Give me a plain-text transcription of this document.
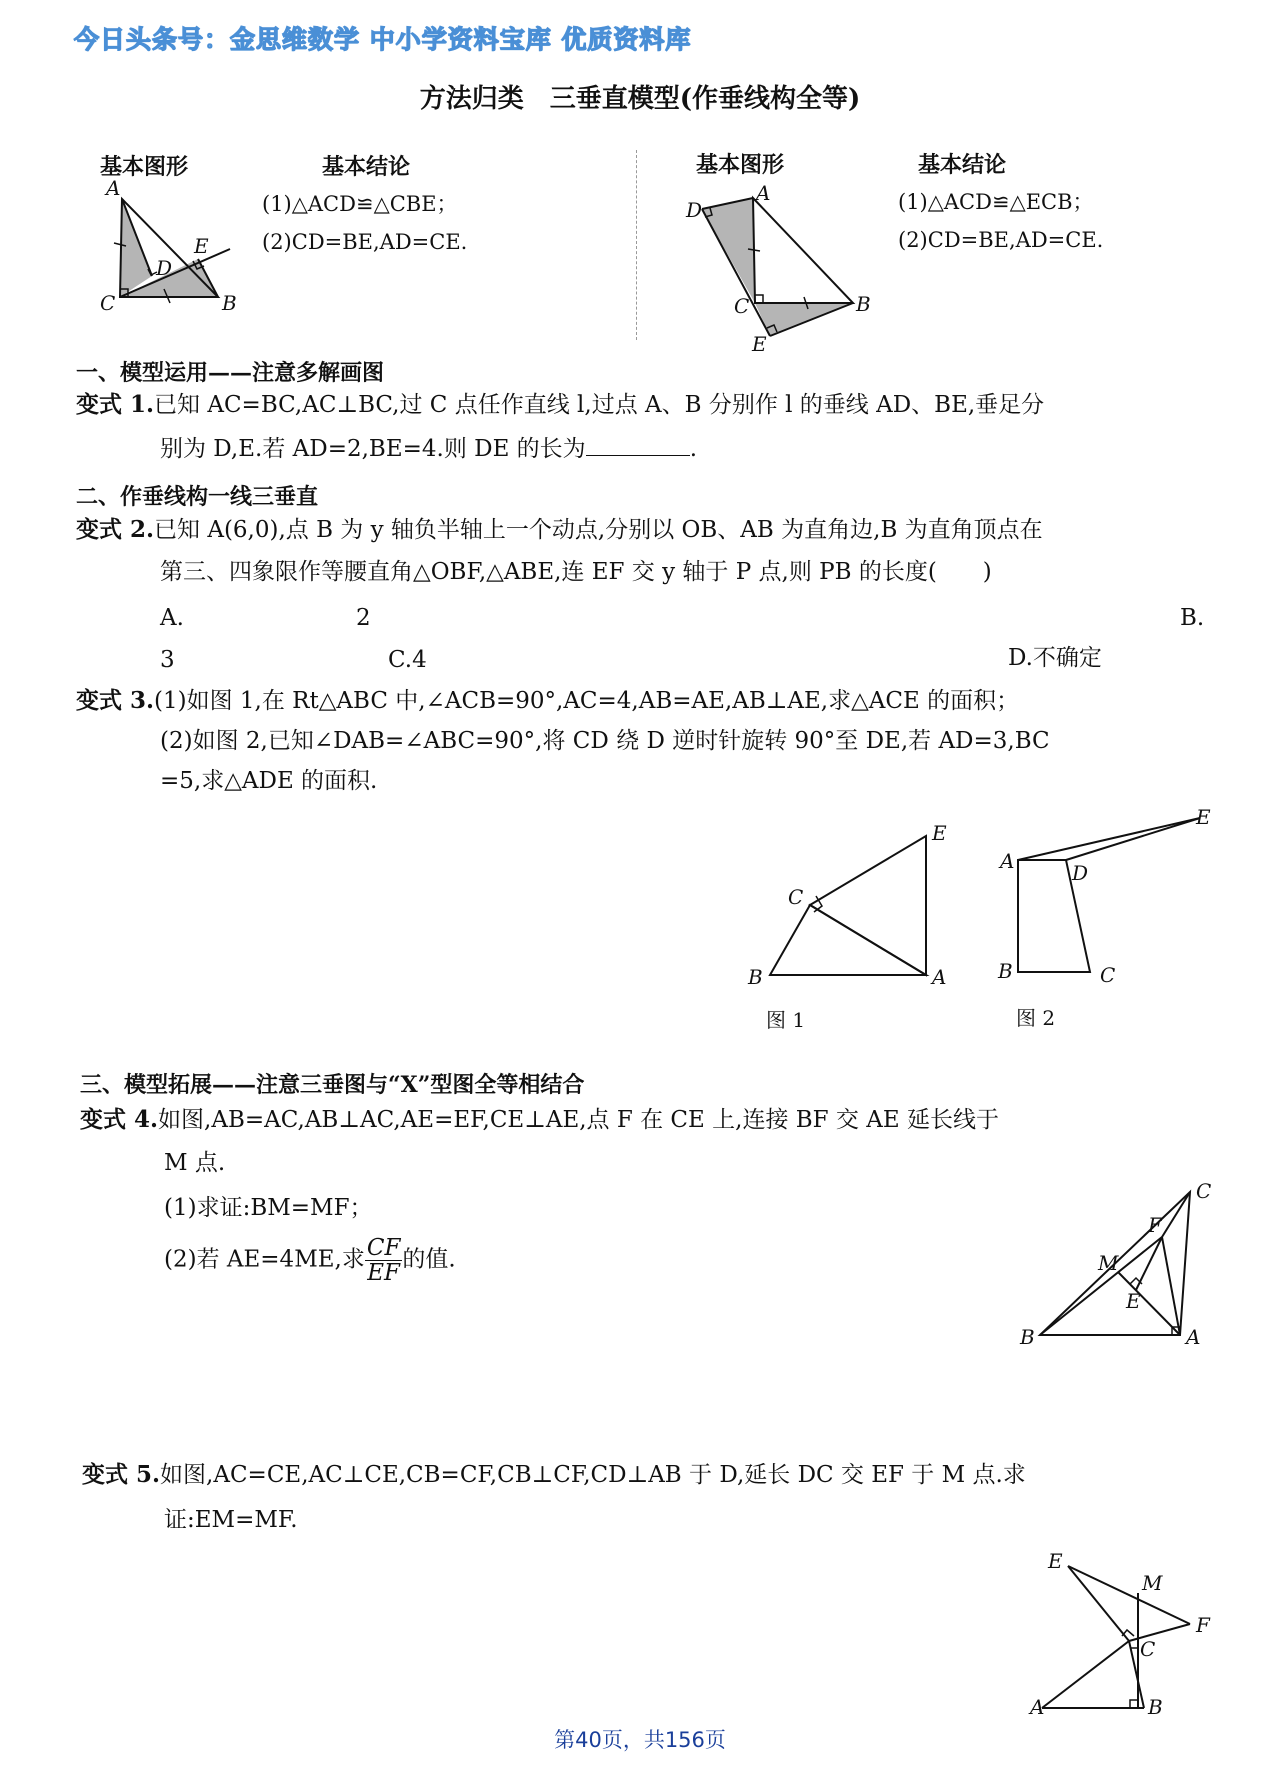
今日头条号：金思维数学 中小学资料宝库 优质资料库
方法归类　三垂直模型(作垂线构全等)
基本图形	基本结论
(1)△ACD≌△CBE；
(2)CD=BE,AD=CE.
A
C	B
D
E
基本图形	基本结论
(1)△ACD≌△ECB；
(2)CD=BE,AD=CE.
A
D
C	B
E
一、模型运用——注意多解画图
变式 1.已知 AC=BC,AC⊥BC,过 C 点任作直线 l,过点 A、B 分别作 l 的垂线 AD、BE,垂足分
别为 D,E.若 AD=2,BE=4.则 DE 的长为	.
二、作垂线构一线三垂直
变式 2.已知 A(6,0),点 B 为 y 轴负半轴上一个动点,分别以 OB、AB 为直角边,B 为直角顶点在
第三、四象限作等腰直角△OBF,△ABE,连 EF 交 y 轴于 P 点,则 PB 的长度(　　)
A.	2	B.
3	C.4	D.不确定
变式 3.(1)如图 1,在 Rt△ABC 中,∠ACB=90°,AC=4,AB=AE,AB⊥AE,求△ACE 的面积；
(2)如图 2,已知∠DAB=∠ABC=90°,将 CD 绕 D 逆时针旋转 90°至 DE,若 AD=3,BC
=5,求△ADE 的面积.
B
C
A
E
图 1
A	D
E
B	C
图 2
三、模型拓展——注意三垂图与“X”型图全等相结合
变式 4.如图,AB=AC,AB⊥AC,AE=EF,CE⊥AE,点 F 在 CE 上,连接 BF 交 AE 延长线于
M 点.
(1)求证:BM=MF；
(2)若 AE=4ME,求 $\frac{CF}{EF}$ 的值.
C
F
M
E
B	A
变式 5.如图,AC=CE,AC⊥CE,CB=CF,CB⊥CF,CD⊥AB 于 D,延长 DC 交 EF 于 M 点.求
证:EM=MF.
E
M
F
C
A	B
第40页，共156页
